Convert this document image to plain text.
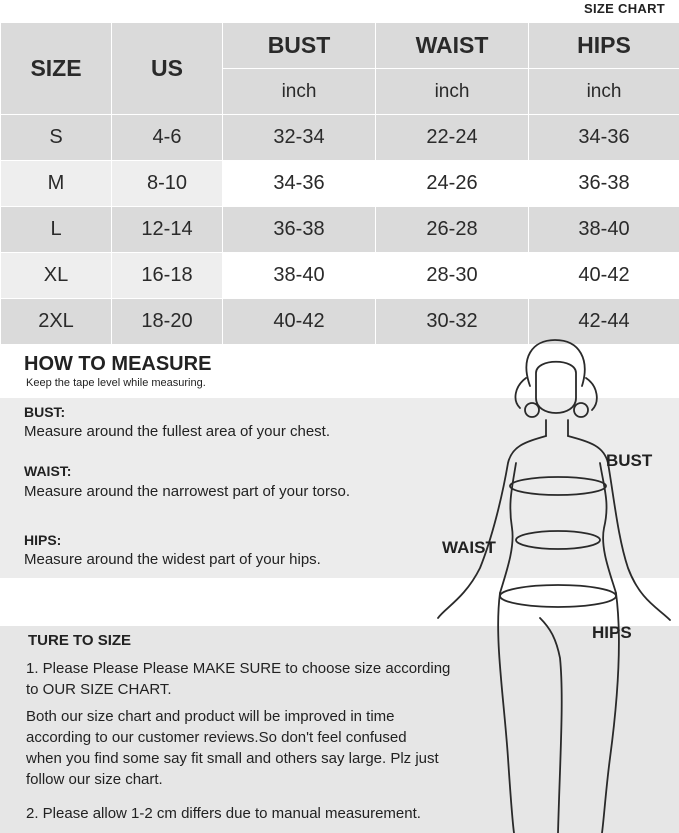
SIZE CHART
SIZE	US	BUST	WAIST	HIPS
		inch	inch	inch
S	4-6	32-34	22-24	34-36
M	8-10	34-36	24-26	36-38
L	12-14	36-38	26-28	38-40
XL	16-18	38-40	28-30	40-42
2XL	18-20	40-42	30-32	42-44
HOW TO MEASURE
Keep the tape level while measuring.
BUST:
Measure around the fullest area of your chest.
WAIST:
Measure around the narrowest part of your torso.
HIPS:
Measure around the widest part of your hips.
TURE TO SIZE
1. Please Please Please MAKE SURE to choose size according
to OUR SIZE CHART.
Both our size chart and product will be improved in time
according to our customer reviews.So don't feel confused
when you find some say fit small and others say large. Plz just
follow our size chart.
2. Please allow 1-2 cm differs due to manual measurement.
BUST
WAIST
HIPS
